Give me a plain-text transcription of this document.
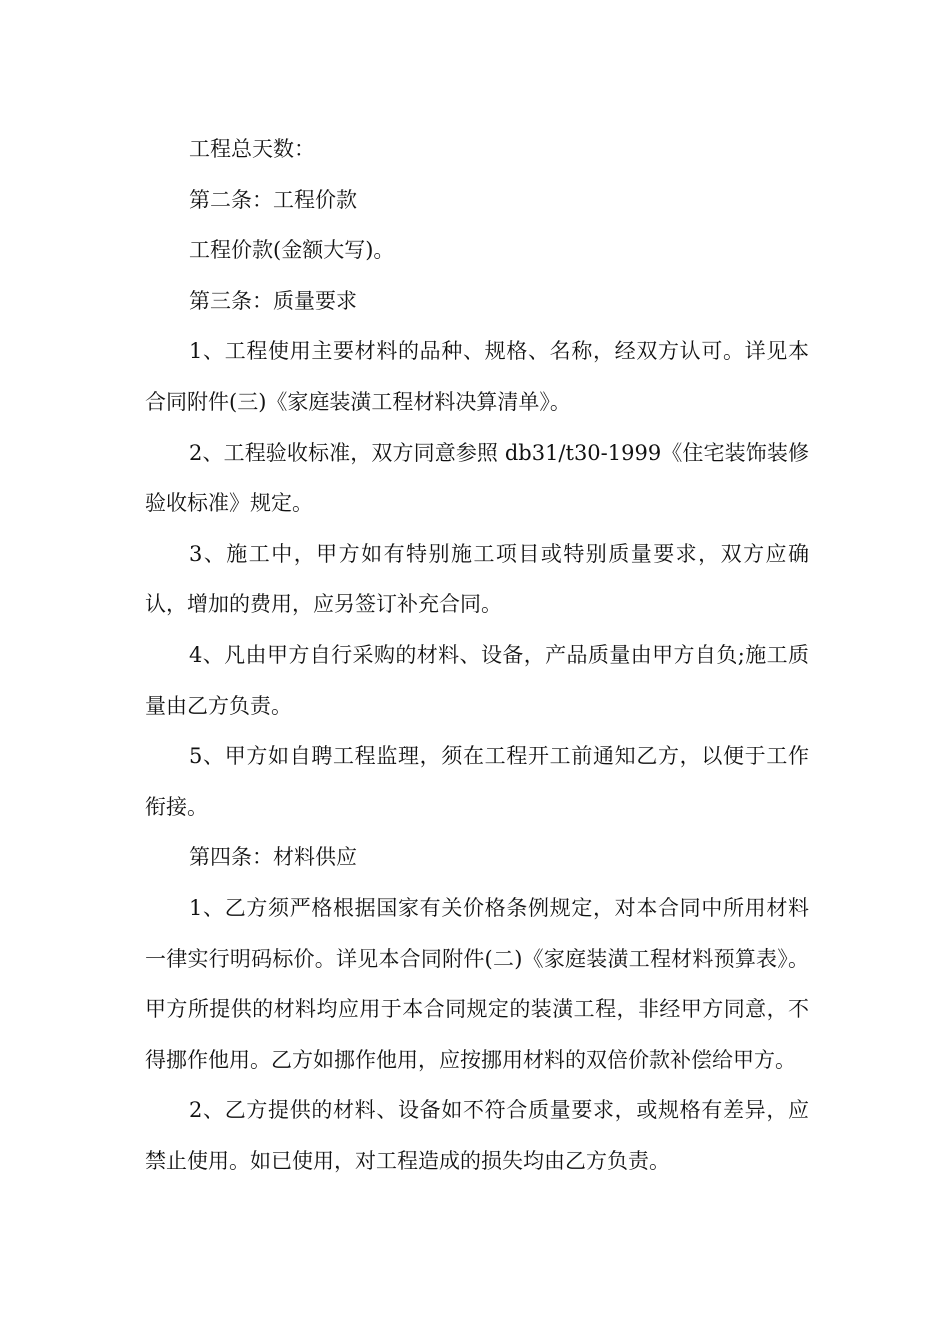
工程总天数：

第二条：工程价款

工程价款(金额大写)。

第三条：质量要求

1、工程使用主要材料的品种、规格、名称，经双方认可。详见本合同附件(三)《家庭装潢工程材料决算清单》。

2、工程验收标准，双方同意参照 db31/t30-1999《住宅装饰装修验收标准》规定。

3、施工中，甲方如有特别施工项目或特别质量要求，双方应确认，增加的费用，应另签订补充合同。

4、凡由甲方自行采购的材料、设备，产品质量由甲方自负;施工质量由乙方负责。

5、甲方如自聘工程监理，须在工程开工前通知乙方，以便于工作衔接。

第四条：材料供应

1、乙方须严格根据国家有关价格条例规定，对本合同中所用材料一律实行明码标价。详见本合同附件(二)《家庭装潢工程材料预算表》。甲方所提供的材料均应用于本合同规定的装潢工程，非经甲方同意，不得挪作他用。乙方如挪作他用，应按挪用材料的双倍价款补偿给甲方。

2、乙方提供的材料、设备如不符合质量要求，或规格有差异，应禁止使用。如已使用，对工程造成的损失均由乙方负责。
